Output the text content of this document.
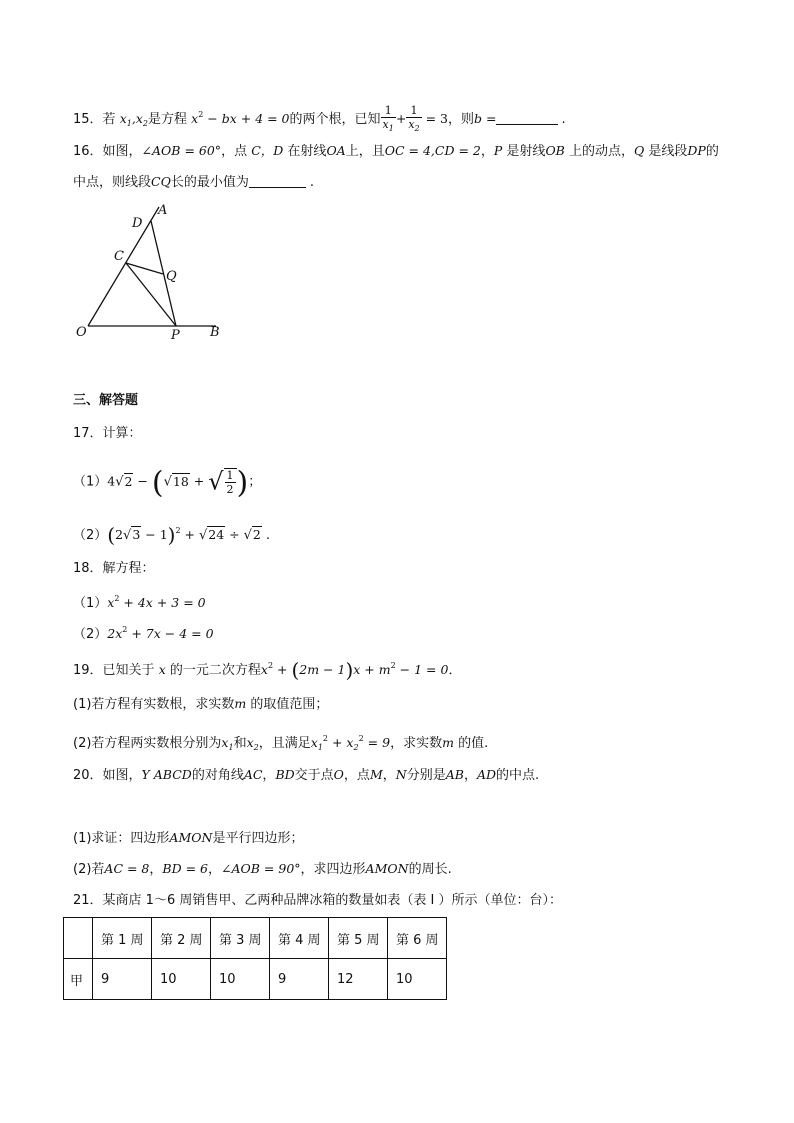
15．若 $x_1,x_2$是方程 $x^2$ − bx + 4 = 0的两个根，已知 $\frac{1}{x_1} + \frac{1}{x_2} = 3$，则b =	.
16．如图，∠AOB = 60°，点 C，D 在射线OA上，且OC = 4,CD = 2，P 是射线OB 上的动点，Q 是线段DP的
中点，则线段CQ长的最小值为	.
A
D
C
Q
O	P B
三、解答题
17．计算：
（1）4√2 − (√18 + √ $\frac{1}{2}$ )；
$(2)(2√3 - 1)^2 + √24 \div √2$ .
18．解方程：
$(1)x^2 + 4x + 3 = 0$
$(2)2x^2 + 7x - 4 = 0$
19．已知关于 x 的一元二次方程$x^2 + (2m - 1)x + m^2 - 1 = 0$．
(1)若方程有实数根，求实数m 的取值范围；
(2)若方程两实数根分别为$x_1$和$x_2$，且满足$x_1^2 + x_2^2 = 9$，求实数m 的值.
20．如图，Y ABCD的对角线AC，BD交于点O，点M，N分别是AB，AD的中点.
(1)求证：四边形AMON是平行四边形；
(2)若AC = 8，BD = 6，∠AOB = 90°，求四边形AMON的周长.
21．某商店 1～6 周销售甲、乙两种品牌冰箱的数量如表（表 I ）所示（单位：台）：
	第 1 周	第 2 周	第 3 周	第 4 周	第 5 周	第 6 周
甲	9	10	10	9	12	10
